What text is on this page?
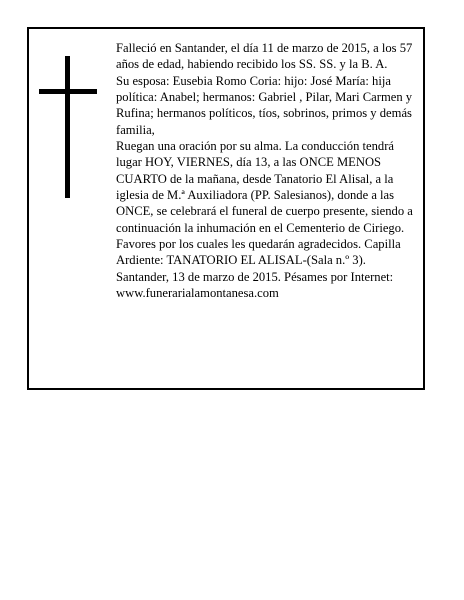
Falleció en Santander, el día 11 de marzo de 2015, a los 57 años de edad, habiendo recibido los SS. SS. y la B. A.

Su esposa: Eusebia Romo Coria: hijo: José María: hija política: Anabel; hermanos: Gabriel , Pilar, Mari Carmen y Rufina; hermanos políticos, tíos, sobrinos, primos y demás familia,

Ruegan una oración por su alma. La conducción tendrá lugar HOY, VIERNES, día 13, a las ONCE MENOS CUARTO de la mañana, desde Tanatorio El Alisal, a la iglesia de M.ª Auxiliadora (PP. Salesianos), donde a las ONCE, se celebrará el funeral de cuerpo presente, siendo a continuación la inhumación en el Cementerio de Ciriego. Favores por los cuales les quedarán agradecidos. Capilla Ardiente: TANATORIO EL ALISAL-(Sala n.º 3).

Santander, 13 de marzo de 2015. Pésames por Internet: www.funerarialamontanesa.com
